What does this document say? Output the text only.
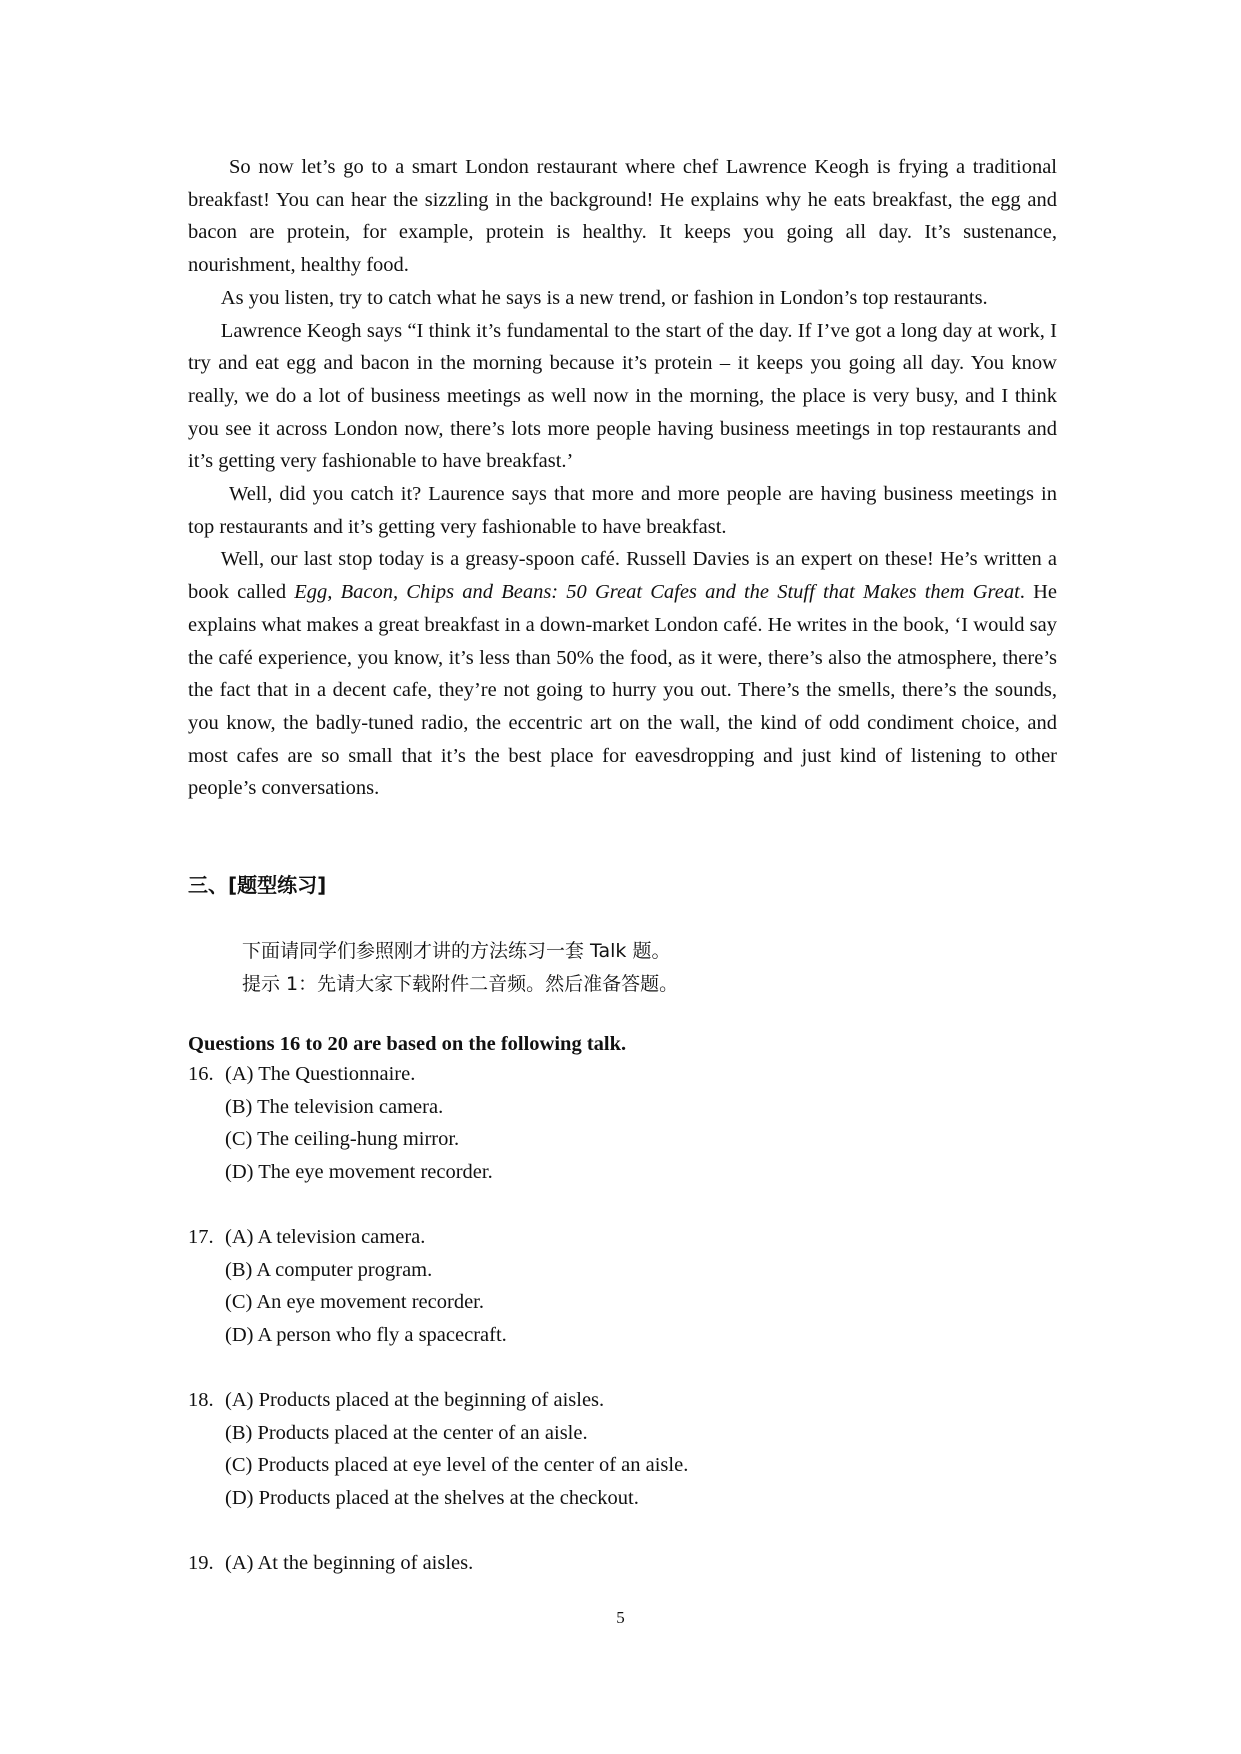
So now let’s go to a smart London restaurant where chef Lawrence Keogh is frying a traditional breakfast! You can hear the sizzling in the background! He explains why he eats breakfast, the egg and bacon are protein, for example, protein is healthy. It keeps you going all day. It’s sustenance, nourishment, healthy food.

As you listen, try to catch what he says is a new trend, or fashion in London’s top restaurants.

Lawrence Keogh says “I think it’s fundamental to the start of the day. If I’ve got a long day at work, I try and eat egg and bacon in the morning because it’s protein – it keeps you going all day. You know really, we do a lot of business meetings as well now in the morning, the place is very busy, and I think you see it across London now, there’s lots more people having business meetings in top restaurants and it’s getting very fashionable to have breakfast.’

Well, did you catch it? Laurence says that more and more people are having business meetings in top restaurants and it’s getting very fashionable to have breakfast.

Well, our last stop today is a greasy-spoon café. Russell Davies is an expert on these! He’s written a book called Egg, Bacon, Chips and Beans: 50 Great Cafes and the Stuff that Makes them Great. He explains what makes a great breakfast in a down-market London café. He writes in the book, ‘I would say the café experience, you know, it’s less than 50% the food, as it were, there’s also the atmosphere, there’s the fact that in a decent cafe, they’re not going to hurry you out. There’s the smells, there’s the sounds, you know, the badly-tuned radio, the eccentric art on the wall, the kind of odd condiment choice, and most cafes are so small that it’s the best place for eavesdropping and just kind of listening to other people’s conversations.

三、[题型练习]
下面请同学们参照刚才讲的方法练习一套 Talk 题。
提示 1：先请大家下载附件二音频。然后准备答题。
Questions 16 to 20 are based on the following talk.
16. (A) The Questionnaire.
(B) The television camera.
(C) The ceiling-hung mirror.
(D) The eye movement recorder.
17. (A) A television camera.
(B) A computer program.
(C) An eye movement recorder.
(D) A person who fly a spacecraft.
18. (A) Products placed at the beginning of aisles.
(B) Products placed at the center of an aisle.
(C) Products placed at eye level of the center of an aisle.
(D) Products placed at the shelves at the checkout.
19. (A) At the beginning of aisles.
5
